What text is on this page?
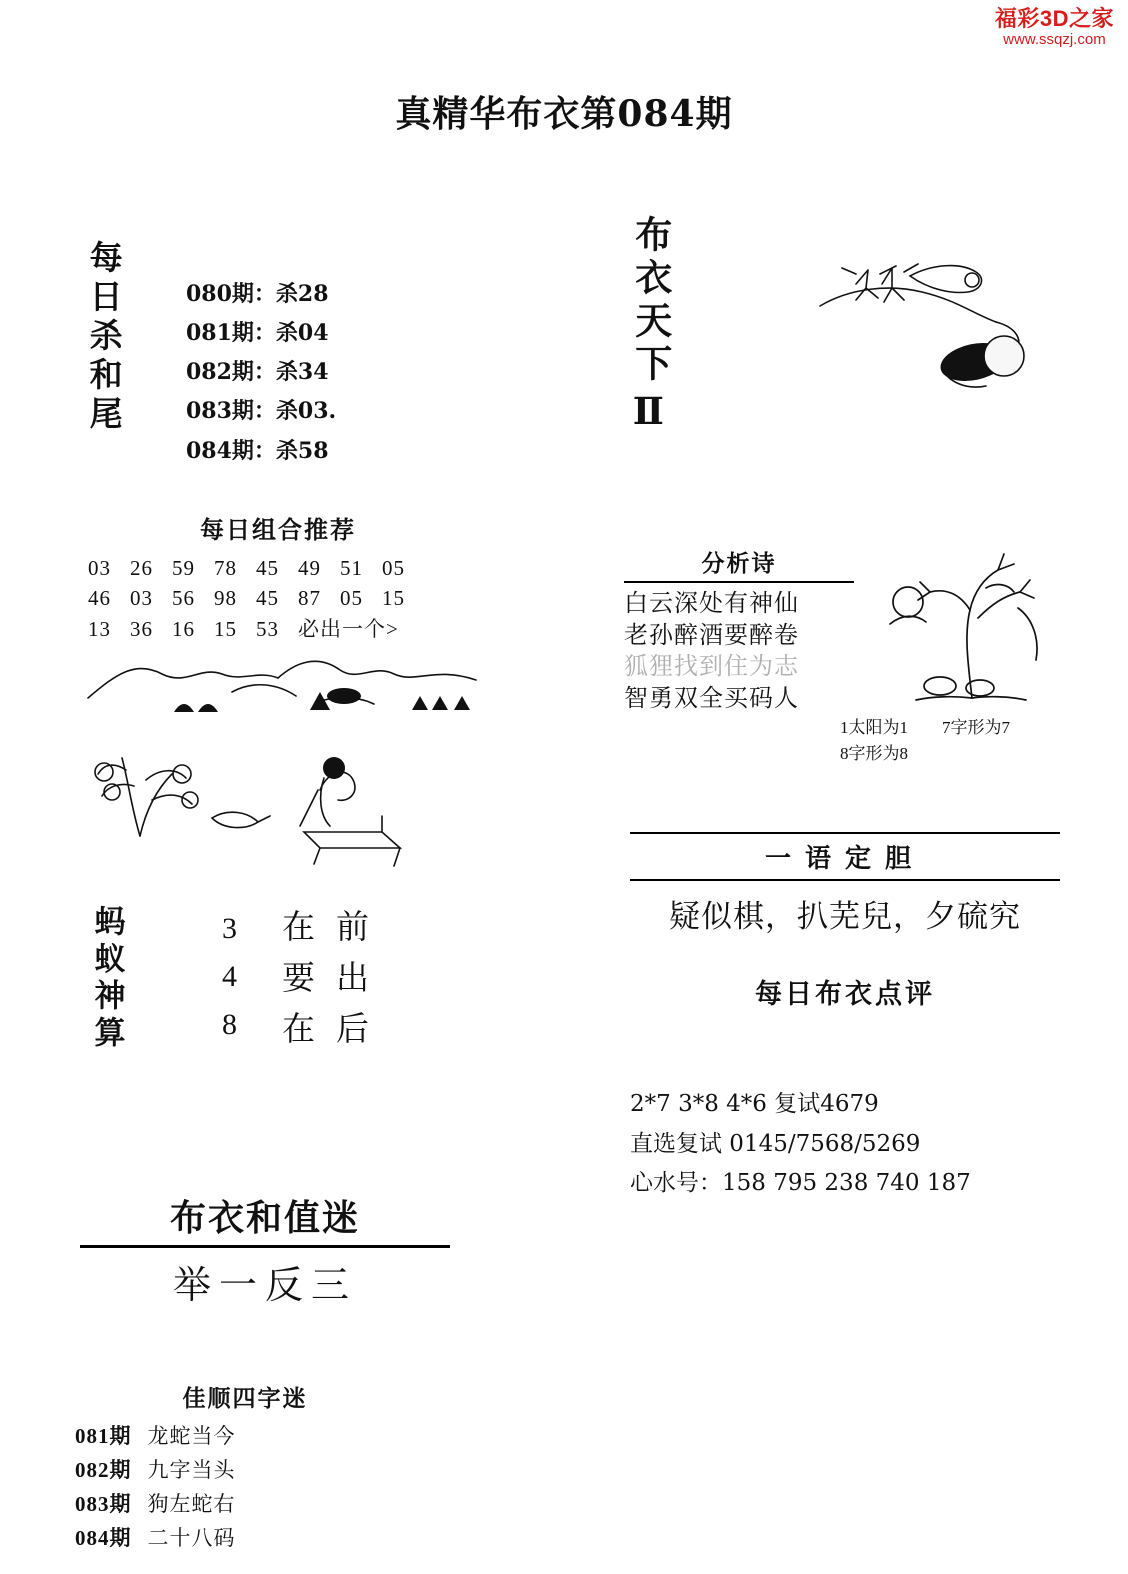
福彩3D之家
www.ssqzj.com
真精华布衣第084期
每日杀和尾	080期：杀28
081期：杀04
082期：杀34
083期：杀03.
084期：杀58
每日组合推荐
03 26 59 78 45 49 51 05
46 03 56 98 45 87 05 15
13 36 16 15 53 必出一个>
蚂蚁神算	3
4
8
在
要
在
前
出
后
布衣和值迷
举一反三
佳顺四字迷
081期 龙蛇当今
082期 九字当头
083期 狗左蛇右
084期 二十八码
布衣天下
Ⅱ
分析诗
白云深处有神仙
老孙醉酒要醉卷
狐狸找到住为志
智勇双全买码人
1太阳为1 7字形为7
8字形为8
一语定胆
疑似棋，扒芜兒，夕硫究
每日布衣点评
2*7 3*8 4*6 复试4679
直选复试 0145/7568/5269
心水号：158 795 238 740 187
